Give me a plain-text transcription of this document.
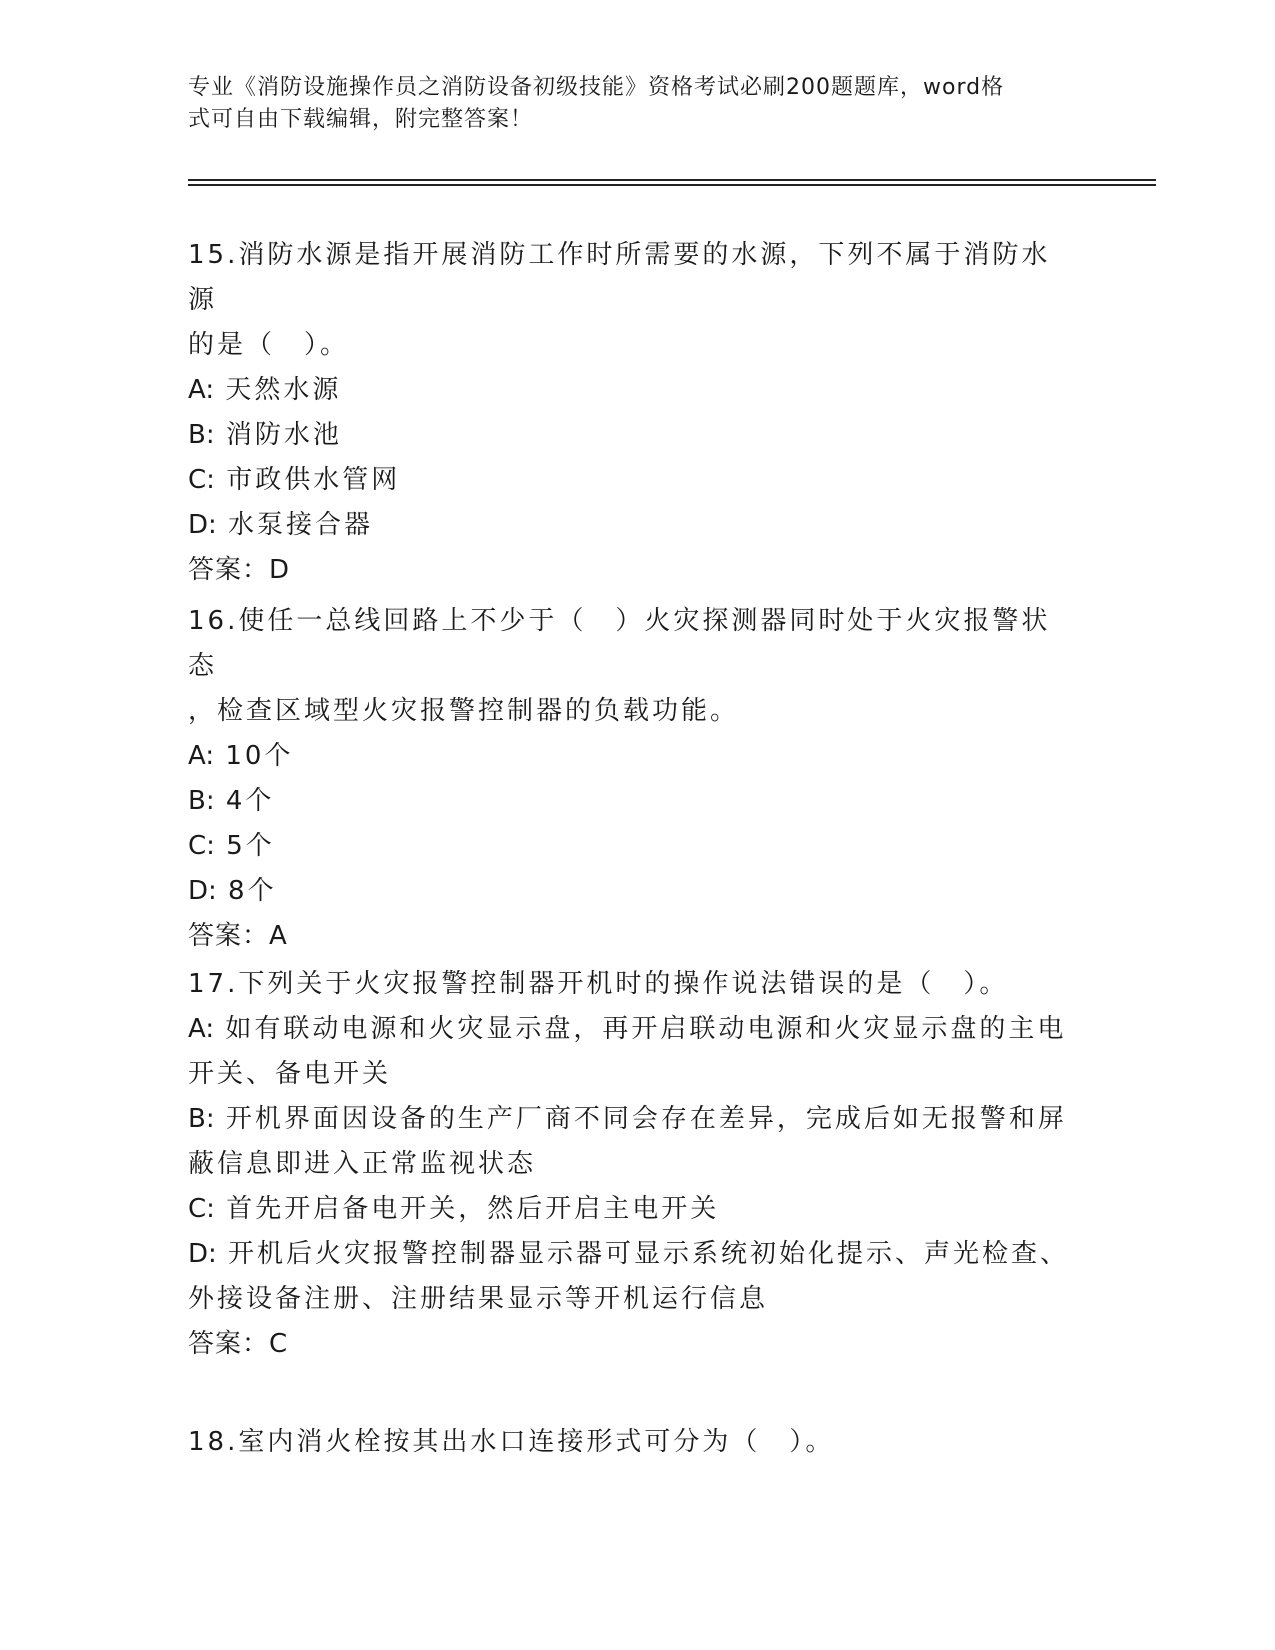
专业《消防设施操作员之消防设备初级技能》资格考试必刷200题题库，word格
式可自由下载编辑，附完整答案！
15.消防水源是指开展消防工作时所需要的水源，下列不属于消防水源
的是（　）。
A: 天然水源
B: 消防水池
C: 市政供水管网
D: 水泵接合器
答案：D
16.使任一总线回路上不少于（　）火灾探测器同时处于火灾报警状态
，检查区域型火灾报警控制器的负载功能。
A: 10个
B: 4个
C: 5个
D: 8个
答案：A
17.下列关于火灾报警控制器开机时的操作说法错误的是（　）。
A: 如有联动电源和火灾显示盘，再开启联动电源和火灾显示盘的主电
开关、备电开关
B: 开机界面因设备的生产厂商不同会存在差异，完成后如无报警和屏
蔽信息即进入正常监视状态
C: 首先开启备电开关，然后开启主电开关
D: 开机后火灾报警控制器显示器可显示系统初始化提示、声光检查、
外接设备注册、注册结果显示等开机运行信息
答案：C
18.室内消火栓按其出水口连接形式可分为（　）。
